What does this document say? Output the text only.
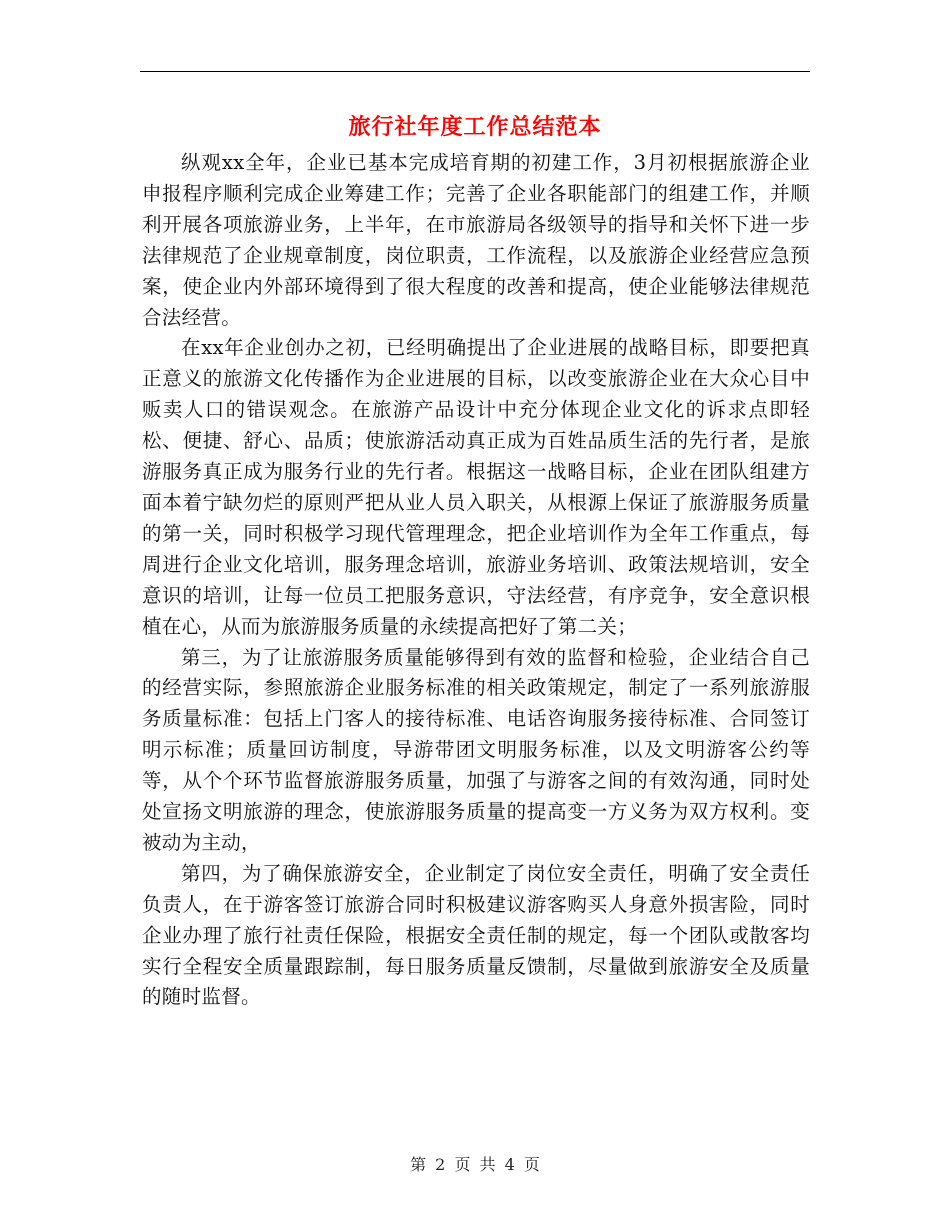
旅行社年度工作总结范本

纵观xx全年，企业已基本完成培育期的初建工作，3月初根据旅游企业申报程序顺利完成企业筹建工作；完善了企业各职能部门的组建工作，并顺利开展各项旅游业务，上半年，在市旅游局各级领导的指导和关怀下进一步法律规范了企业规章制度，岗位职责，工作流程，以及旅游企业经营应急预案，使企业内外部环境得到了很大程度的改善和提高，使企业能够法律规范合法经营。

在xx年企业创办之初，已经明确提出了企业进展的战略目标，即要把真正意义的旅游文化传播作为企业进展的目标，以改变旅游企业在大众心目中贩卖人口的错误观念。在旅游产品设计中充分体现企业文化的诉求点即轻松、便捷、舒心、品质；使旅游活动真正成为百姓品质生活的先行者，是旅游服务真正成为服务行业的先行者。根据这一战略目标，企业在团队组建方面本着宁缺勿烂的原则严把从业人员入职关，从根源上保证了旅游服务质量的第一关，同时积极学习现代管理理念，把企业培训作为全年工作重点，每周进行企业文化培训，服务理念培训，旅游业务培训、政策法规培训，安全意识的培训，让每一位员工把服务意识，守法经营，有序竞争，安全意识根植在心，从而为旅游服务质量的永续提高把好了第二关；

第三，为了让旅游服务质量能够得到有效的监督和检验，企业结合自己的经营实际，参照旅游企业服务标准的相关政策规定，制定了一系列旅游服务质量标准：包括上门客人的接待标准、电话咨询服务接待标准、合同签订明示标准；质量回访制度，导游带团文明服务标准，以及文明游客公约等等，从个个环节监督旅游服务质量，加强了与游客之间的有效沟通，同时处处宣扬文明旅游的理念，使旅游服务质量的提高变一方义务为双方权利。变被动为主动，

第四，为了确保旅游安全，企业制定了岗位安全责任，明确了安全责任负责人，在于游客签订旅游合同时积极建议游客购买人身意外损害险，同时企业办理了旅行社责任保险，根据安全责任制的规定，每一个团队或散客均实行全程安全质量跟踪制，每日服务质量反馈制，尽量做到旅游安全及质量的随时监督。

第 2 页 共 4 页
